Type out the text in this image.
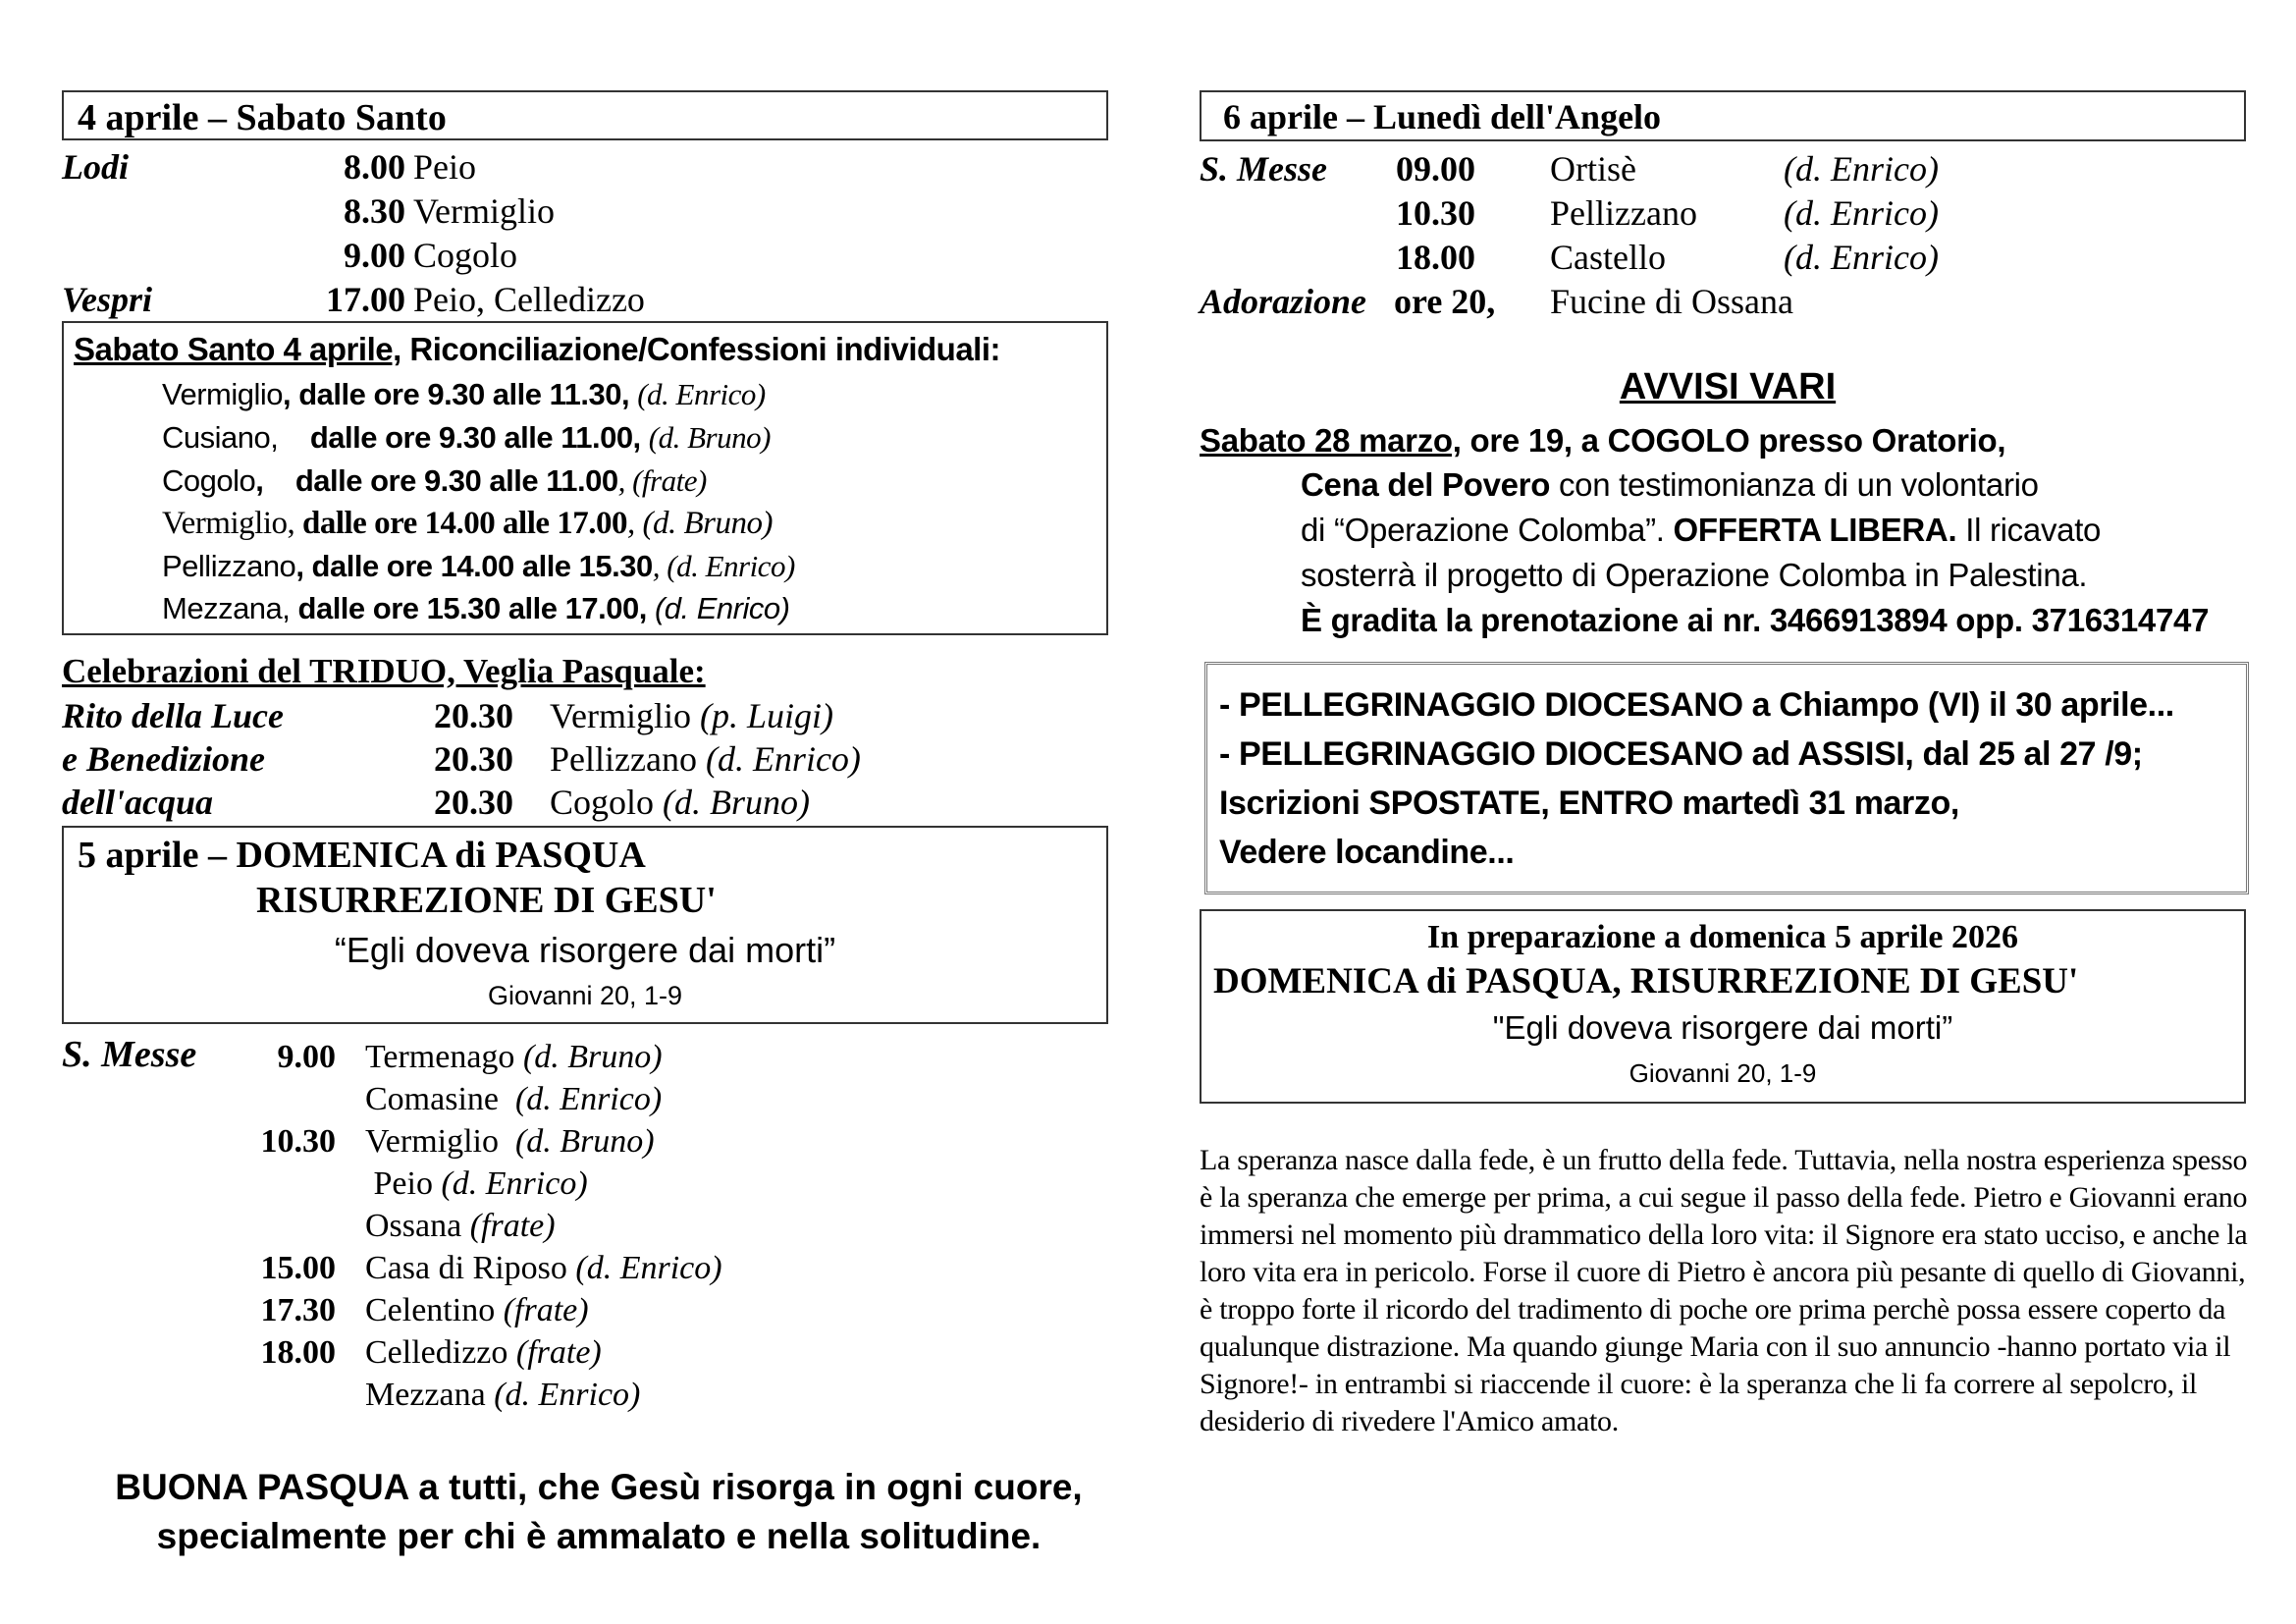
4 aprile – Sabato Santo
Lodi	8.00 Peio
8.30 Vermiglio
9.00 Cogolo
Vespri	17.00 Peio, Celledizzo
Sabato Santo 4 aprile, Riconciliazione/Confessioni individuali:
Vermiglio, dalle ore 9.30 alle 11.30, (d. Enrico)
Cusiano, dalle ore 9.30 alle 11.00, (d. Bruno)
Cogolo,    dalle ore 9.30 alle 11.00, (frate)
Vermiglio, dalle ore 14.00 alle 17.00, (d. Bruno)
Pellizzano, dalle ore 14.00 alle 15.30, (d. Enrico)
Mezzana, dalle ore 15.30 alle 17.00, (d. Enrico)
Celebrazioni del TRIDUO, Veglia Pasquale:
Rito della Luce	20.30 Vermiglio (p. Luigi)
e Benedizione	20.30 Pellizzano (d. Enrico)
dell'acqua	20.30 Cogolo (d. Bruno)
5 aprile – DOMENICA di PASQUA
RISURREZIONE DI GESU'
“Egli doveva risorgere dai morti”
Giovanni 20, 1-9
S. Messe	9.00 Termenago (d. Bruno)
Comasine  (d. Enrico)
10.30 Vermiglio  (d. Bruno)
Peio (d. Enrico)
Ossana (frate)
15.00 Casa di Riposo (d. Enrico)
17.30 Celentino (frate)
18.00 Celledizzo (frate)
Mezzana (d. Enrico)
BUONA PASQUA a tutti, che Gesù risorga in ogni cuore,
specialmente per chi è ammalato e nella solitudine.
6 aprile – Lunedì dell'Angelo
S. Messe 09.00	Ortisè	(d. Enrico)
10.30	Pellizzano (d. Enrico)
18.00	Castello	(d. Enrico)
Adorazione ore 20,	Fucine di Ossana
AVVISI VARI
Sabato 28 marzo, ore 19, a COGOLO presso Oratorio,
Cena del Povero con testimonianza di un volontario
di “Operazione Colomba”. OFFERTA LIBERA. Il ricavato
sosterrà il progetto di Operazione Colomba in Palestina.
È gradita la prenotazione ai nr. 3466913894 opp. 3716314747
- PELLEGRINAGGIO DIOCESANO a Chiampo (VI) il 30 aprile...
- PELLEGRINAGGIO DIOCESANO ad ASSISI, dal 25 al 27 /9;
Iscrizioni SPOSTATE, ENTRO martedì 31 marzo,
Vedere locandine...
In preparazione a domenica 5 aprile 2026
DOMENICA di PASQUA, RISURREZIONE DI GESU'
"Egli doveva risorgere dai morti”
Giovanni 20, 1-9
La speranza nasce dalla fede, è un frutto della fede. Tuttavia, nella nostra esperienza spesso è la speranza che emerge per prima, a cui segue il passo della fede. Pietro e Giovanni erano immersi nel momento più drammatico della loro vita: il Signore era stato ucciso, e anche la loro vita era in pericolo. Forse il cuore di Pietro è ancora più pesante di quello di Giovanni, è troppo forte il ricordo del tradimento di poche ore prima perchè possa essere coperto da qualunque distrazione. Ma quando giunge Maria con il suo annuncio -hanno portato via il Signore!- in entrambi si riaccende il cuore: è la speranza che li fa correre al sepolcro, il desiderio di rivedere l'Amico amato.
